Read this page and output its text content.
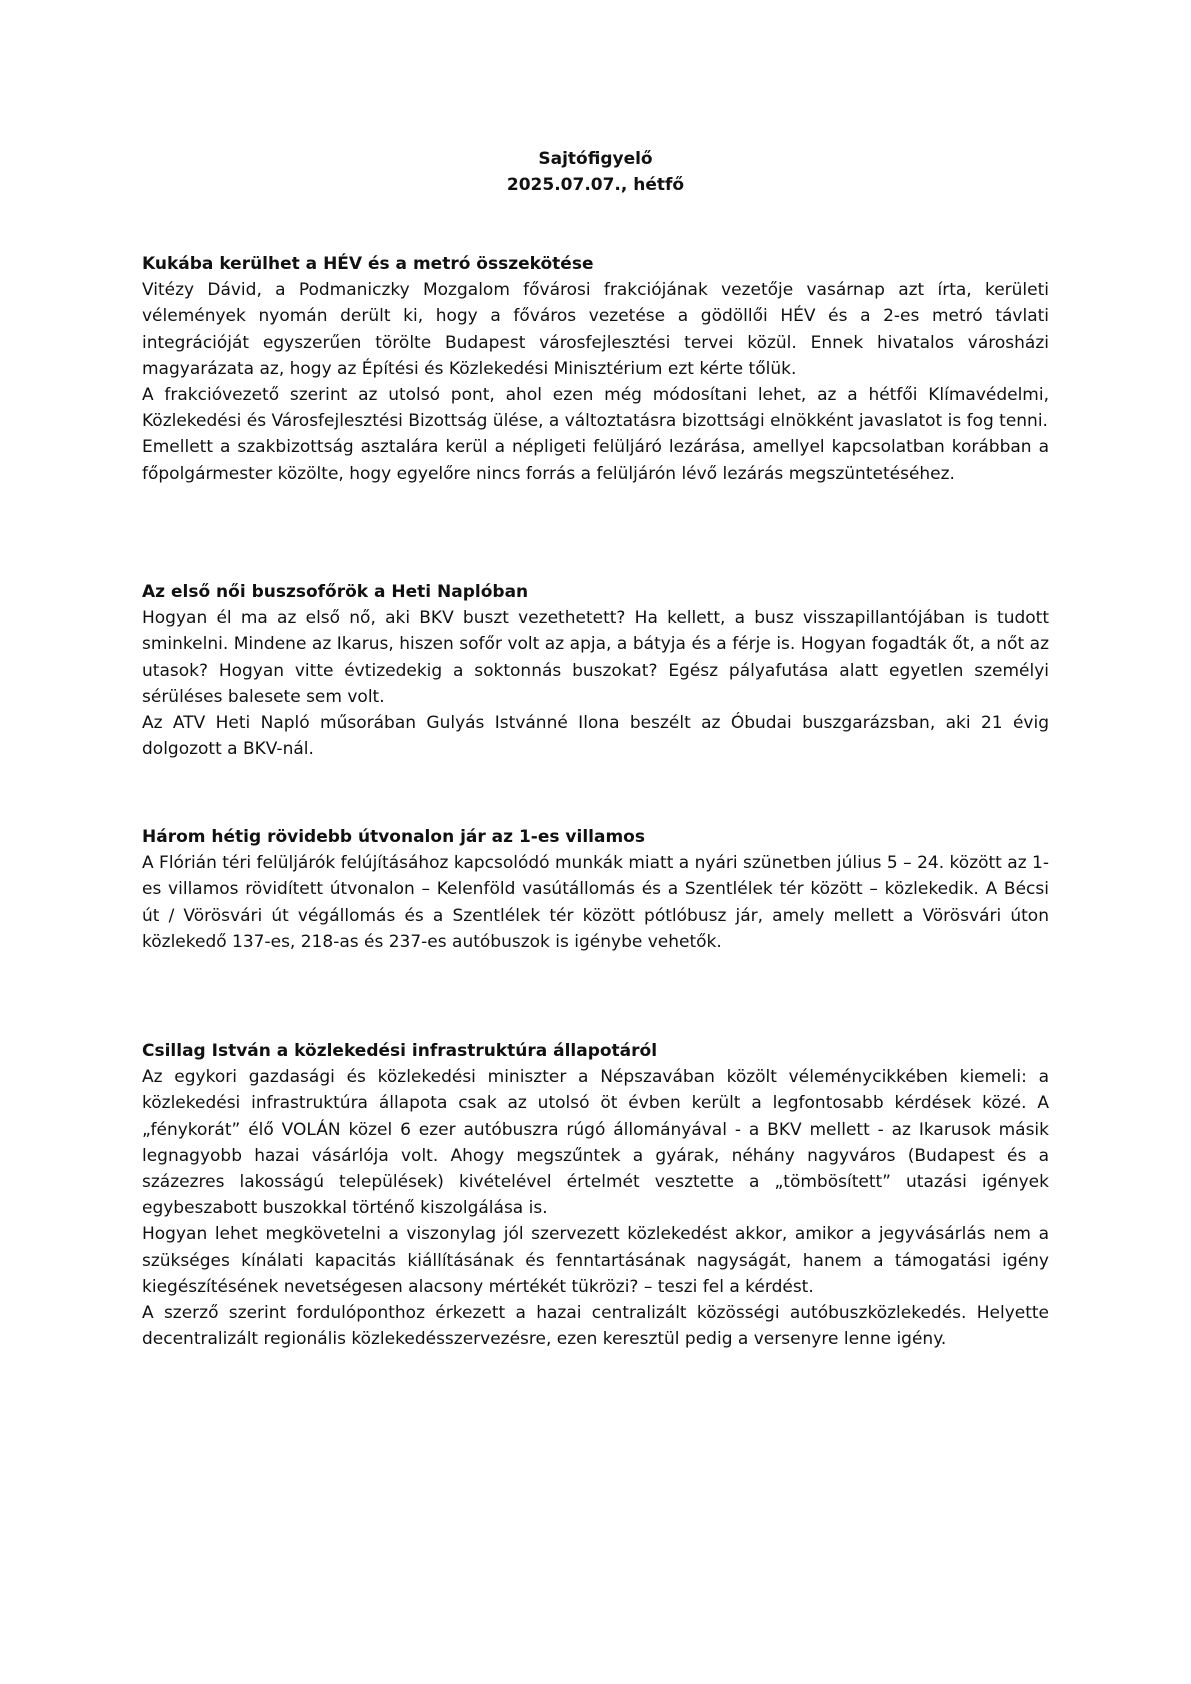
Sajtófigyelő
2025.07.07., hétfő
Kukába kerülhet a HÉV és a metró összekötése

Vitézy Dávid, a Podmaniczky Mozgalom fővárosi frakciójának vezetője vasárnap azt írta, kerületi vélemények nyomán derült ki, hogy a főváros vezetése a gödöllői HÉV és a 2-es metró távlati integrációját egyszerűen törölte Budapest városfejlesztési tervei közül. Ennek hivatalos városházi magyarázata az, hogy az Építési és Közlekedési Minisztérium ezt kérte tőlük.

A frakcióvezető szerint az utolsó pont, ahol ezen még módosítani lehet, az a hétfői Klímavédelmi, Közlekedési és Városfejlesztési Bizottság ülése, a változtatásra bizottsági elnökként javaslatot is fog tenni.

Emellett a szakbizottság asztalára kerül a népligeti felüljáró lezárása, amellyel kapcsolatban korábban a főpolgármester közölte, hogy egyelőre nincs forrás a felüljárón lévő lezárás megszüntetéséhez.

Az első női buszsofőrök a Heti Naplóban

Hogyan él ma az első nő, aki BKV buszt vezethetett? Ha kellett, a busz visszapillantójában is tudott sminkelni. Mindene az Ikarus, hiszen sofőr volt az apja, a bátyja és a férje is. Hogyan fogadták őt, a nőt az utasok? Hogyan vitte évtizedekig a soktonnás buszokat? Egész pályafutása alatt egyetlen személyi sérüléses balesete sem volt.

Az ATV Heti Napló műsorában Gulyás Istvánné Ilona beszélt az Óbudai buszgarázsban, aki 21 évig dolgozott a BKV-nál.

Három hétig rövidebb útvonalon jár az 1-es villamos

A Flórián téri felüljárók felújításához kapcsolódó munkák miatt a nyári szünetben július 5 – 24. között az 1-es villamos rövidített útvonalon – Kelenföld vasútállomás és a Szentlélek tér között – közlekedik. A Bécsi út / Vörösvári út végállomás és a Szentlélek tér között pótlóbusz jár, amely mellett a Vörösvári úton közlekedő 137-es, 218-as és 237-es autóbuszok is igénybe vehetők.

Csillag István a közlekedési infrastruktúra állapotáról

Az egykori gazdasági és közlekedési miniszter a Népszavában közölt véleménycikkében kiemeli: a közlekedési infrastruktúra állapota csak az utolsó öt évben került a legfontosabb kérdések közé. A „fénykorát” élő VOLÁN közel 6 ezer autóbuszra rúgó állományával - a BKV mellett - az Ikarusok másik legnagyobb hazai vásárlója volt. Ahogy megszűntek a gyárak, néhány nagyváros (Budapest és a százezres lakosságú települések) kivételével értelmét vesztette a „tömbösített” utazási igények egybeszabott buszokkal történő kiszolgálása is.

Hogyan lehet megkövetelni a viszonylag jól szervezett közlekedést akkor, amikor a jegyvásárlás nem a szükséges kínálati kapacitás kiállításának és fenntartásának nagyságát, hanem a támogatási igény kiegészítésének nevetségesen alacsony mértékét tükrözi? – teszi fel a kérdést.

A szerző szerint fordulóponthoz érkezett a hazai centralizált közösségi autóbuszközlekedés. Helyette decentralizált regionális közlekedésszervezésre, ezen keresztül pedig a versenyre lenne igény.
